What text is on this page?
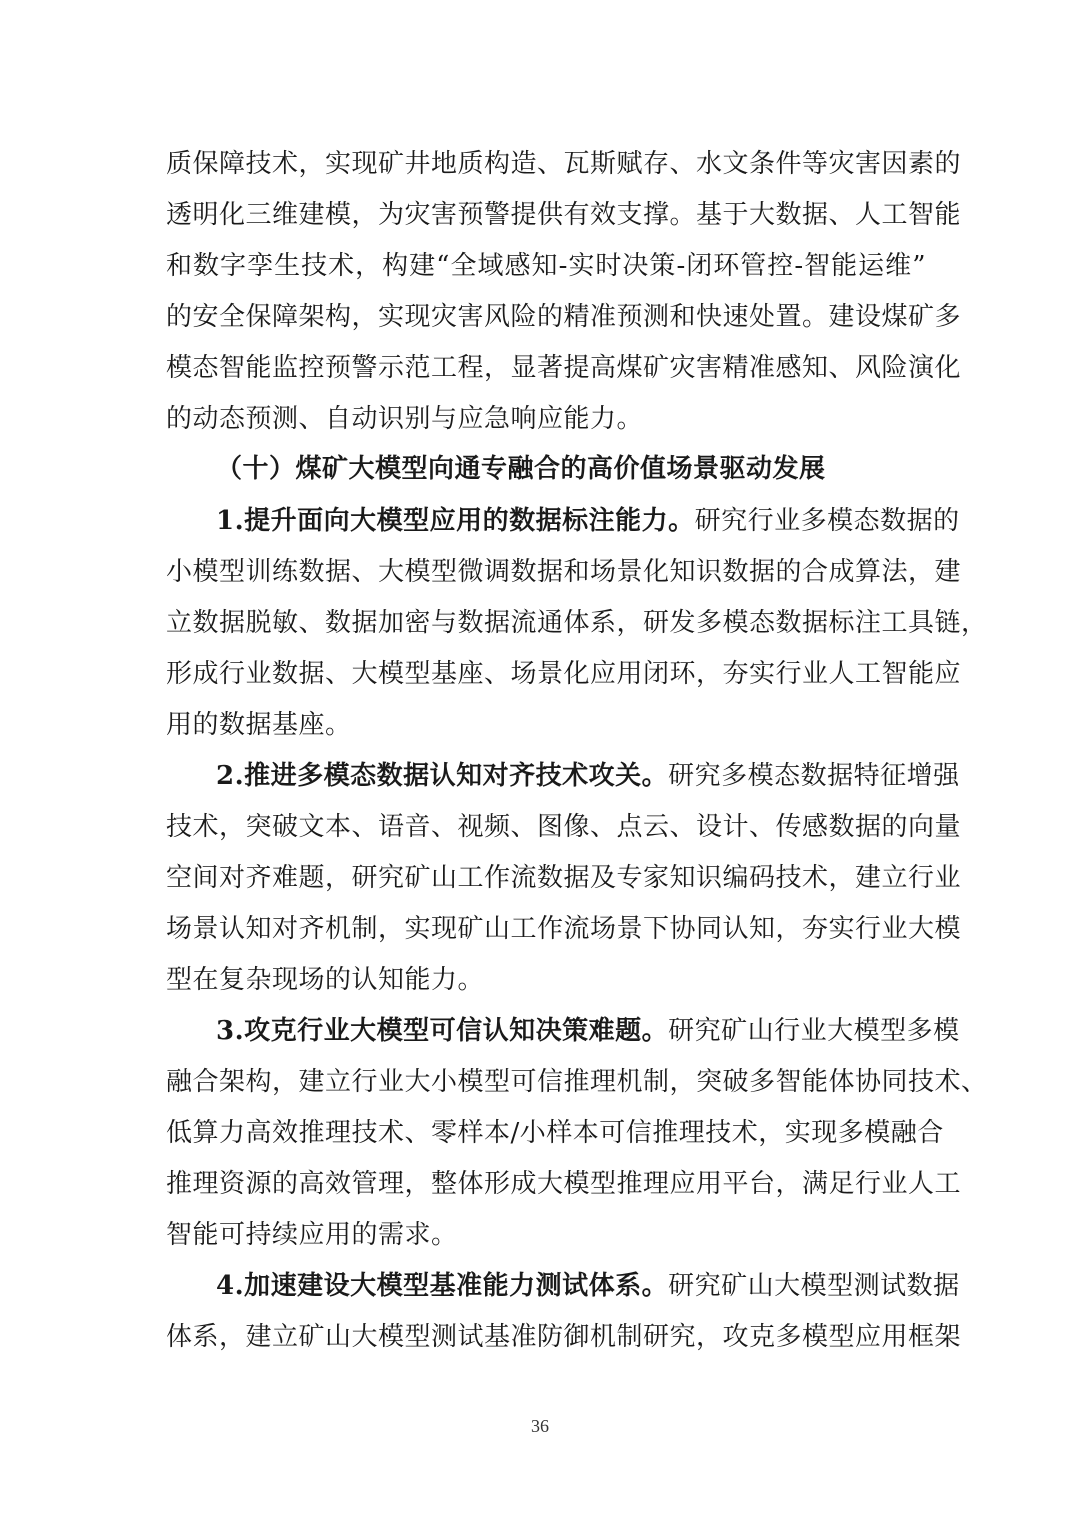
质保障技术，实现矿井地质构造、瓦斯赋存、水文条件等灾害因素的
透明化三维建模，为灾害预警提供有效支撑。基于大数据、人工智能
和数字孪生技术，构建“全域感知-实时决策-闭环管控-智能运维”
的安全保障架构，实现灾害风险的精准预测和快速处置。建设煤矿多
模态智能监控预警示范工程，显著提高煤矿灾害精准感知、风险演化
的动态预测、自动识别与应急响应能力。
（十）煤矿大模型向通专融合的高价值场景驱动发展
1.提升面向大模型应用的数据标注能力。研究行业多模态数据的
小模型训练数据、大模型微调数据和场景化知识数据的合成算法，建
立数据脱敏、数据加密与数据流通体系，研发多模态数据标注工具链，
形成行业数据、大模型基座、场景化应用闭环，夯实行业人工智能应
用的数据基座。
2.推进多模态数据认知对齐技术攻关。研究多模态数据特征增强
技术，突破文本、语音、视频、图像、点云、设计、传感数据的向量
空间对齐难题，研究矿山工作流数据及专家知识编码技术，建立行业
场景认知对齐机制，实现矿山工作流场景下协同认知，夯实行业大模
型在复杂现场的认知能力。
3.攻克行业大模型可信认知决策难题。研究矿山行业大模型多模
融合架构，建立行业大小模型可信推理机制，突破多智能体协同技术、
低算力高效推理技术、零样本/小样本可信推理技术，实现多模融合
推理资源的高效管理，整体形成大模型推理应用平台，满足行业人工
智能可持续应用的需求。
4.加速建设大模型基准能力测试体系。研究矿山大模型测试数据
体系，建立矿山大模型测试基准防御机制研究，攻克多模型应用框架
36
